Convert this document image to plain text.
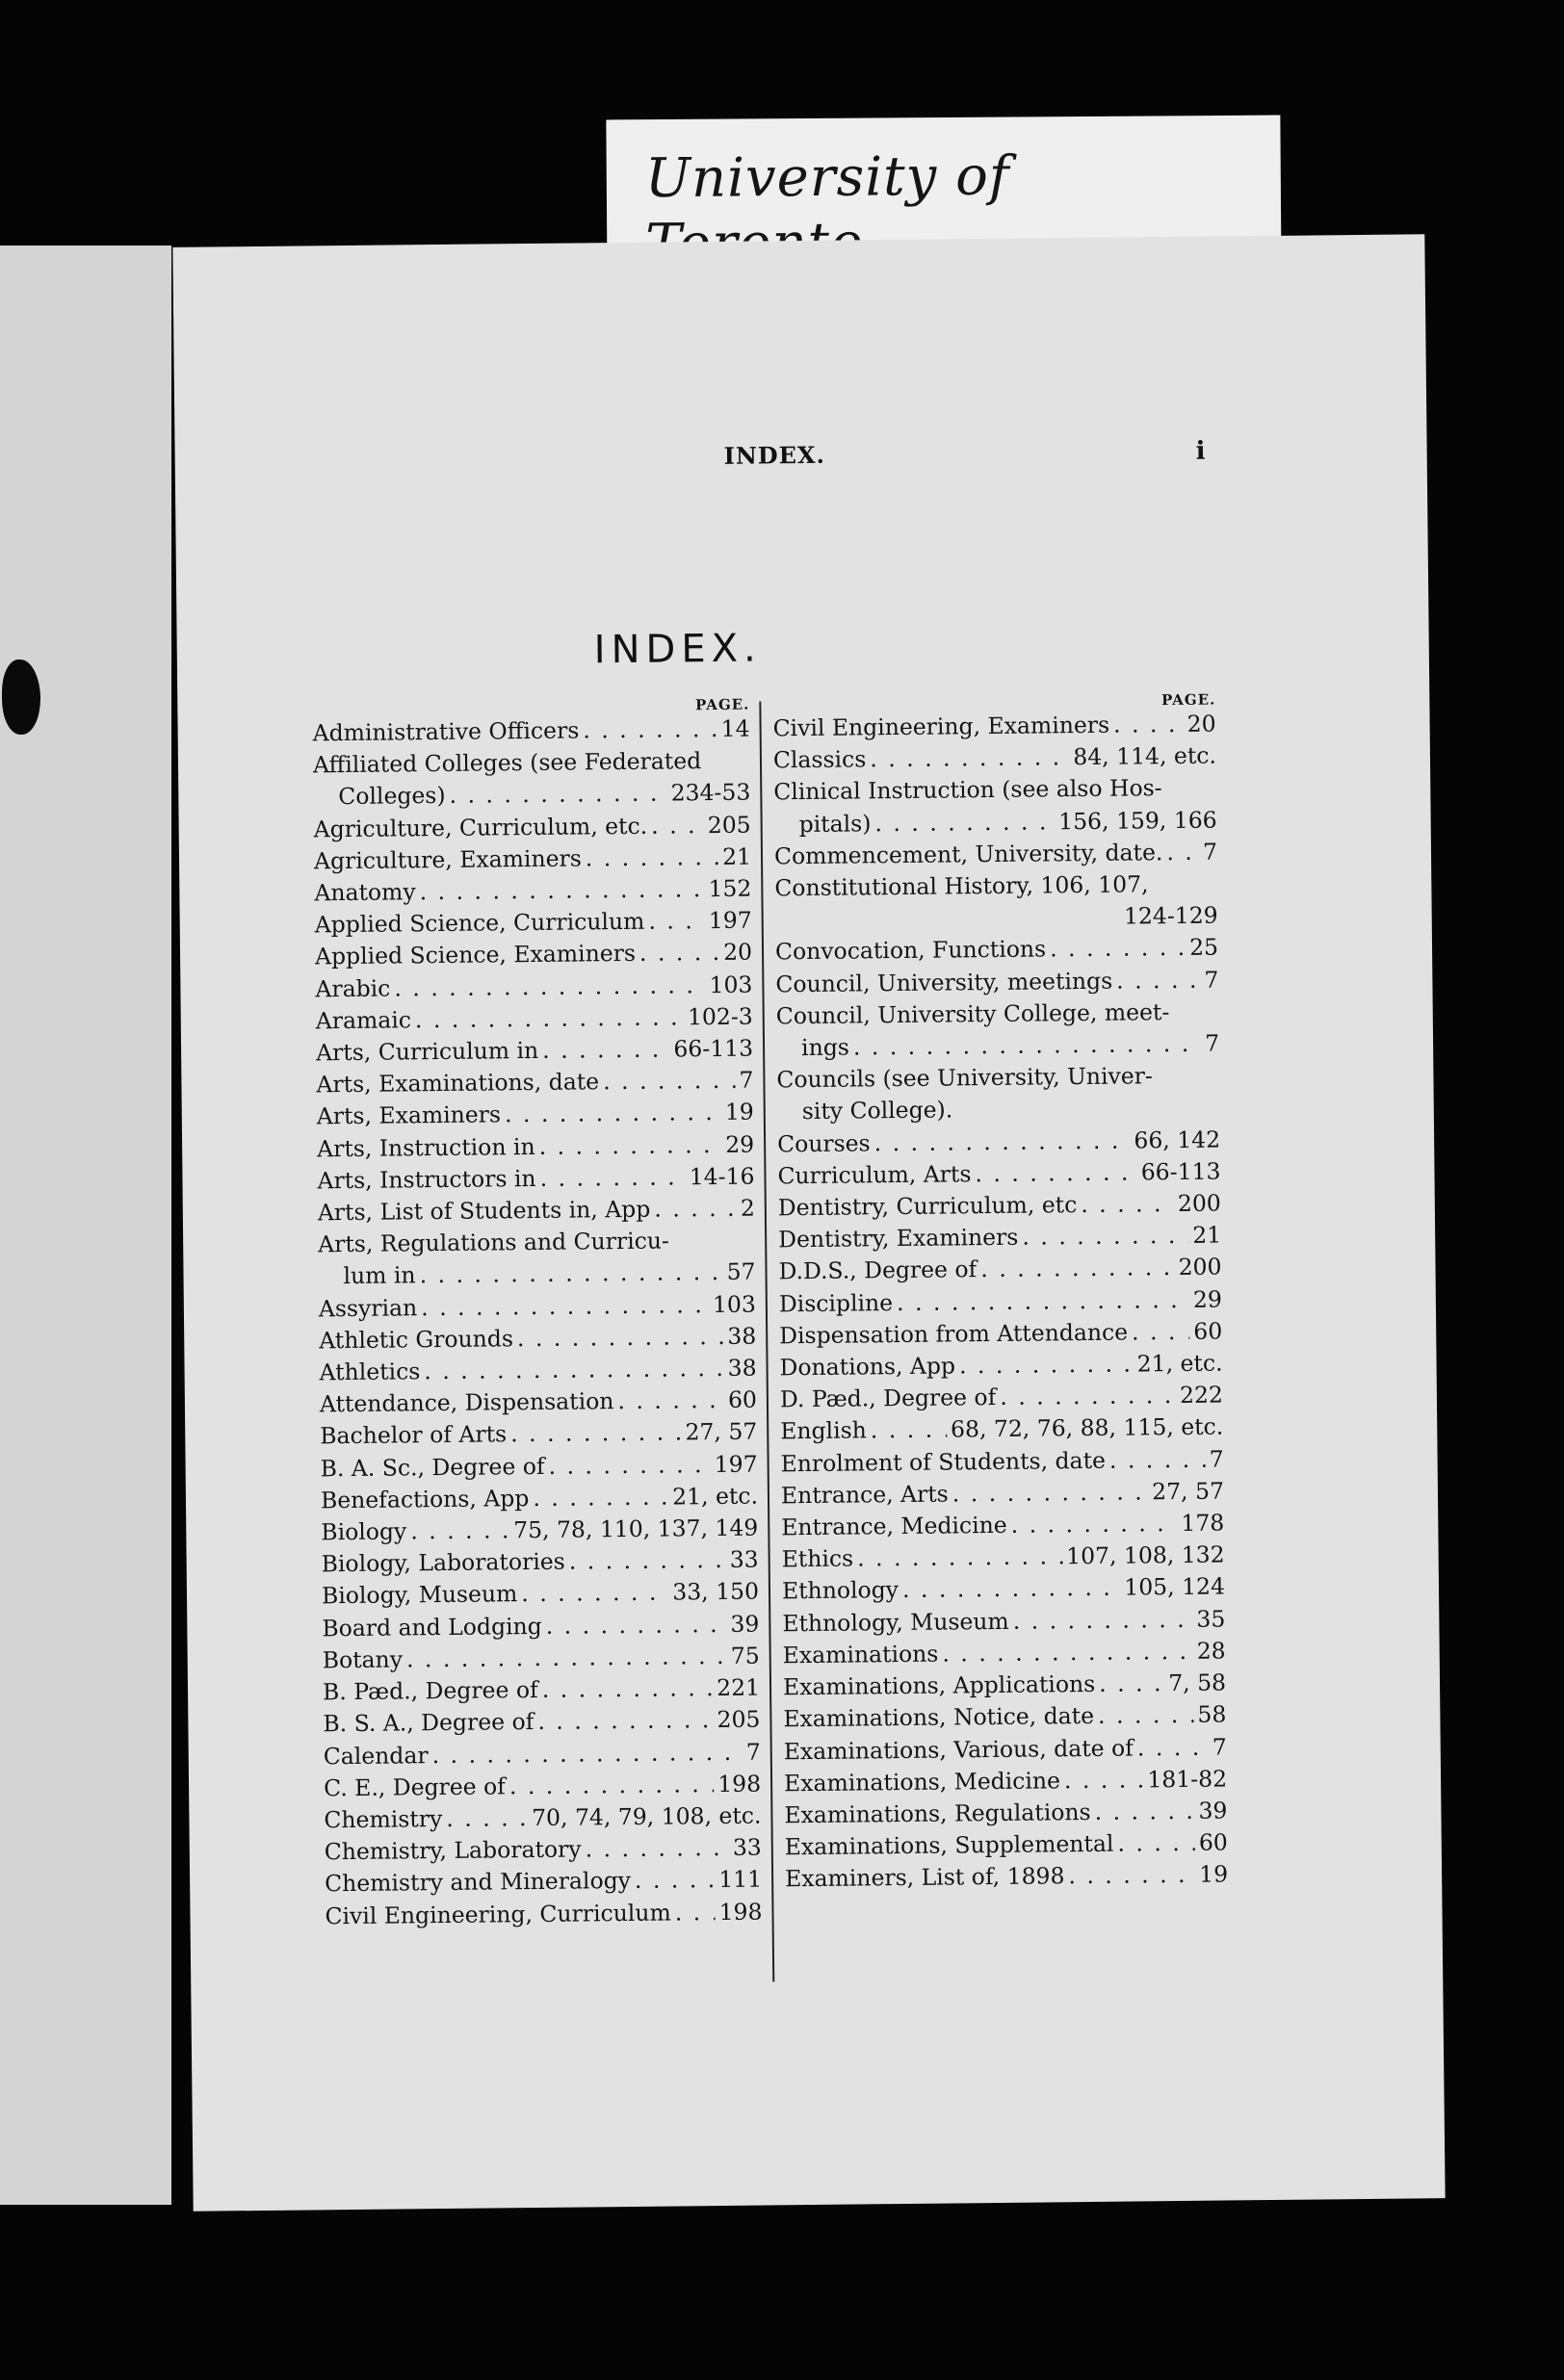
University of
INDEX.	i
INDEX.
PAGE.
Administrative Officers . . .	14
Affiliated Colleges (see Federated
Colleges) . . .	234-53
Agriculture, Curriculum, etc. . . .	205
Agriculture, Examiners . . .	21
Anatomy . . .	152
Applied Science, Curriculum . . .	197
Applied Science, Examiners . . .	20
Arabic . . .	103
Aramaic . . .	102-3
Arts, Curriculum in . . .	66-113
Arts, Examinations, date . . .	7
Arts, Examiners . . .	19
Arts, Instruction in . . .	29
Arts, Instructors in . . .	14-16
Arts, List of Students in, App . . .	2
Arts, Regulations and Curricu-
lum in . . .	57
Assyrian . . .	103
Athletic Grounds . . .	38
Athletics . . .	38
Attendance, Dispensation . . .	60
Bachelor of Arts . . .	27, 57
B. A. Sc., Degree of . . .	197
Benefactions, App . . .	21, etc.
Biology . . .	75, 78, 110, 137, 149
Biology, Laboratories . . .	33
Biology, Museum . . .	33, 150
Board and Lodging . . .	39
Botany . . .	75
B. Pæd., Degree of . . .	221
B. S. A., Degree of . . .	205
Calendar . . .	7
C. E., Degree of . . .	198
Chemistry . . .	70, 74, 79, 108, etc.
Chemistry, Laboratory . . .	33
Chemistry and Mineralogy . . .	111
Civil Engineering, Curriculum . . . 198
PAGE.
Civil Engineering, Examiners . . .	20
Classics . . .	84, 114, etc.
Clinical Instruction (see also Hos-
pitals) . . .	156, 159, 166
Commencement, University, date. . . . 7
Constitutional History, 106, 107,
124-129
Convocation, Functions . . .	25
Council, University, meetings . . .	7
Council, University College, meet-
ings . . .	7
Councils (see University, Univer-
sity College).
Courses . . .	66, 142
Curriculum, Arts . . .	66-113
Dentistry, Curriculum, etc . . .	200
Dentistry, Examiners . . .	21
D.D.S., Degree of . . .	200
Discipline . . .	29
Dispensation from Attendance . . .	60
Donations, App . . .	21, etc.
D. Pæd., Degree of . . .	222
English . . .	68, 72, 76, 88, 115, etc.
Enrolment of Students, date . . .	7
Entrance, Arts . . .	27, 57
Entrance, Medicine . . .	178
Ethics . . .	107, 108, 132
Ethnology . . .	105, 124
Ethnology, Museum . . .	35
Examinations . . .	28
Examinations, Applications . . .	7, 58
Examinations, Notice, date . . .	58
Examinations, Various, date of . . .	7
Examinations, Medicine . . .	181-82
Examinations, Regulations . . .	39
Examinations, Supplemental . . .	60
Examiners, List of, 1898 . . .	19
